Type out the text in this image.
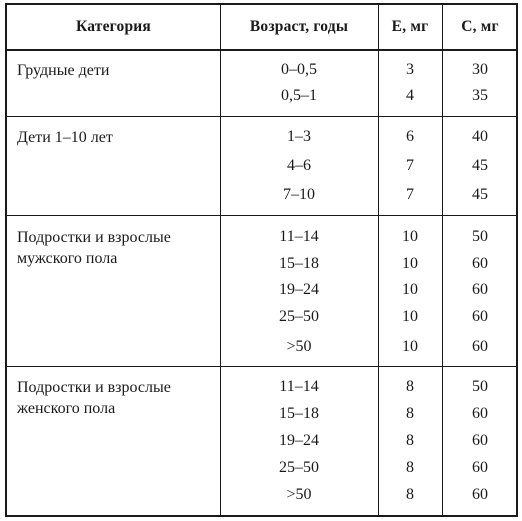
Категория	Возраст, годы	Е, мг	С, мг
Грудные дети	0–0,5	3	30
0,5–1	4	35
Дети 1–10 лет	1–3	6	40
4–6	7	45
7–10	7	45
Подростки и взрослые
мужского пола
11–14	10	50
15–18	10	60
19–24	10	60
25–50	10	60
>50	10	60
Подростки и взрослые
женского пола
11–14	8	50
15–18	8	60
19–24	8	60
25–50	8	60
>50	8	60
